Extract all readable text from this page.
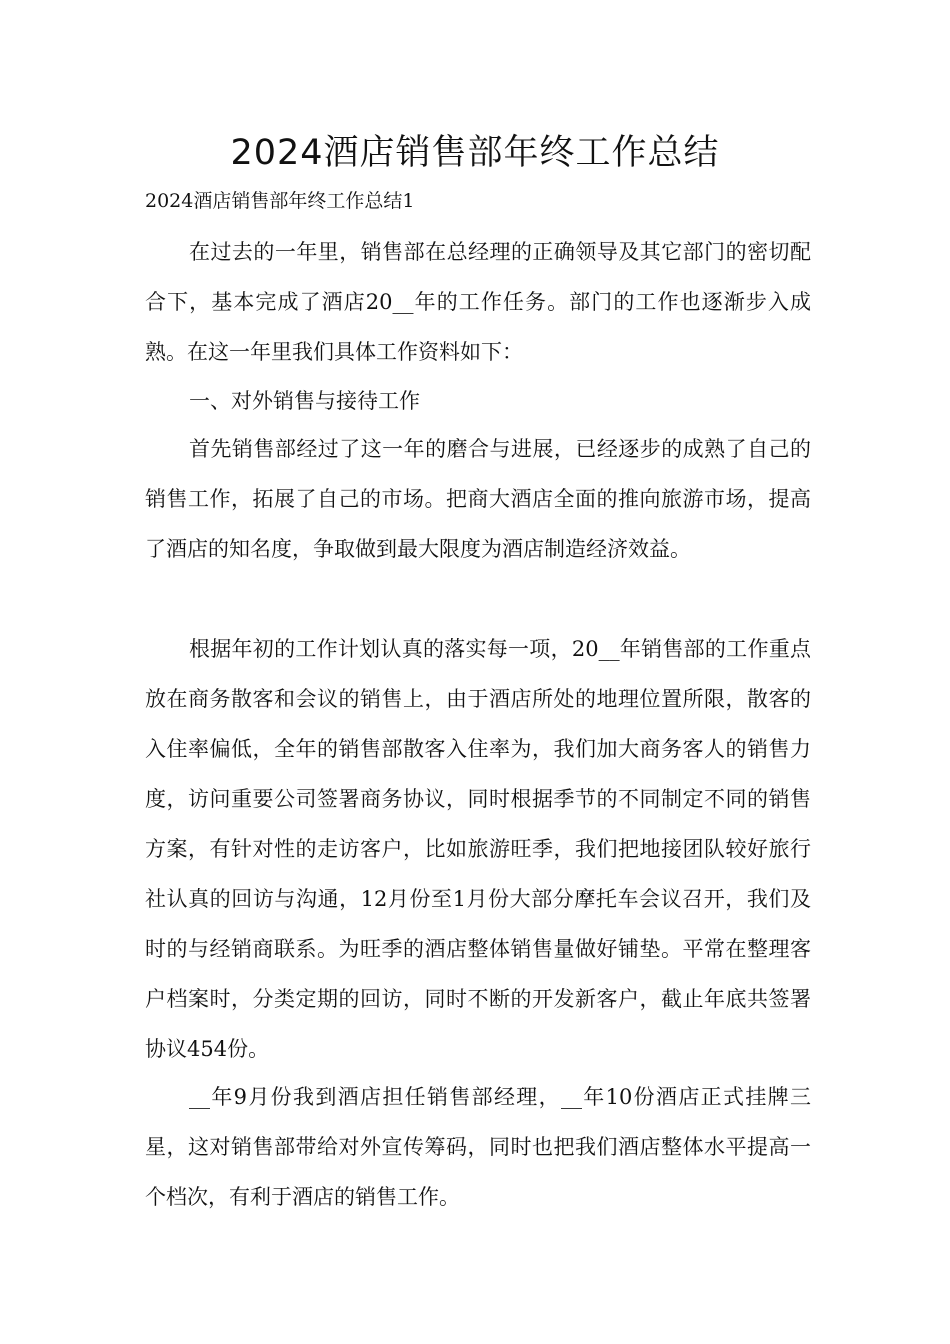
2024酒店销售部年终工作总结

2024酒店销售部年终工作总结1

在过去的一年里，销售部在总经理的正确领导及其它部门的密切配合下，基本完成了酒店20__年的工作任务。部门的工作也逐渐步入成熟。在这一年里我们具体工作资料如下：

一、对外销售与接待工作

首先销售部经过了这一年的磨合与进展，已经逐步的成熟了自己的销售工作，拓展了自己的市场。把商大酒店全面的推向旅游市场，提高了酒店的知名度，争取做到最大限度为酒店制造经济效益。

根据年初的工作计划认真的落实每一项，20__年销售部的工作重点放在商务散客和会议的销售上，由于酒店所处的地理位置所限，散客的入住率偏低，全年的销售部散客入住率为，我们加大商务客人的销售力度，访问重要公司签署商务协议，同时根据季节的不同制定不同的销售方案，有针对性的走访客户，比如旅游旺季，我们把地接团队较好旅行社认真的回访与沟通，12月份至1月份大部分摩托车会议召开，我们及时的与经销商联系。为旺季的酒店整体销售量做好铺垫。平常在整理客户档案时，分类定期的回访，同时不断的开发新客户，截止年底共签署协议454份。

__年9月份我到酒店担任销售部经理，__年10份酒店正式挂牌三星，这对销售部带给对外宣传筹码，同时也把我们酒店整体水平提高一个档次，有利于酒店的销售工作。
